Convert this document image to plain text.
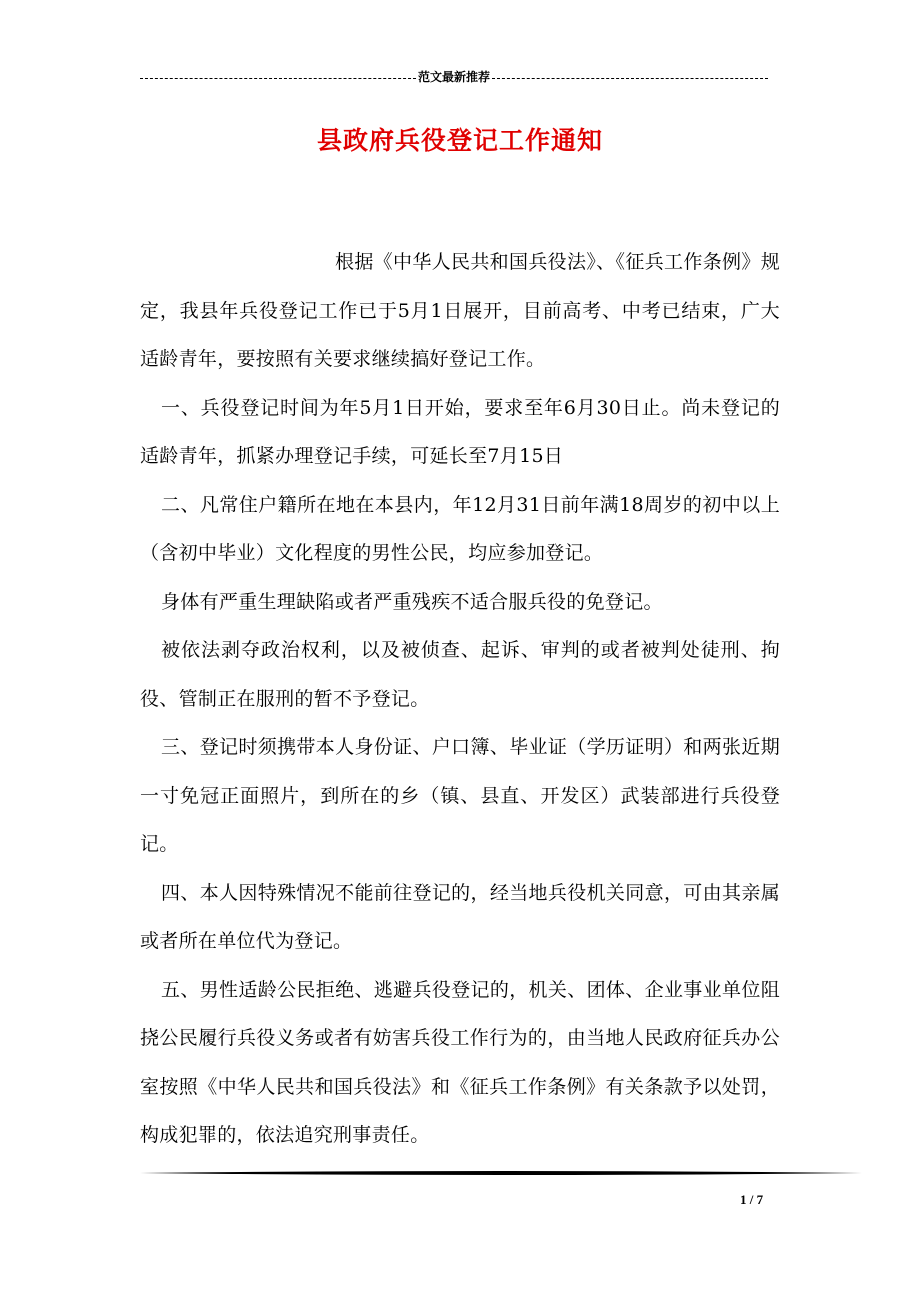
范文最新推荐
县政府兵役登记工作通知

根据《中华人民共和国兵役法》、《征兵工作条例》规定，我县年兵役登记工作已于5月1日展开，目前高考、中考已结束，广大适龄青年，要按照有关要求继续搞好登记工作。

一、兵役登记时间为年5月1日开始，要求至年6月30日止。尚未登记的适龄青年，抓紧办理登记手续，可延长至7月15日

二、凡常住户籍所在地在本县内，年12月31日前年满18周岁的初中以上（含初中毕业）文化程度的男性公民，均应参加登记。

身体有严重生理缺陷或者严重残疾不适合服兵役的免登记。

被依法剥夺政治权利，以及被侦查、起诉、审判的或者被判处徒刑、拘役、管制正在服刑的暂不予登记。

三、登记时须携带本人身份证、户口簿、毕业证（学历证明）和两张近期一寸免冠正面照片，到所在的乡（镇、县直、开发区）武装部进行兵役登记。

四、本人因特殊情况不能前往登记的，经当地兵役机关同意，可由其亲属或者所在单位代为登记。

五、男性适龄公民拒绝、逃避兵役登记的，机关、团体、企业事业单位阻挠公民履行兵役义务或者有妨害兵役工作行为的，由当地人民政府征兵办公室按照《中华人民共和国兵役法》和《征兵工作条例》有关条款予以处罚，构成犯罪的，依法追究刑事责任。

1 / 7
